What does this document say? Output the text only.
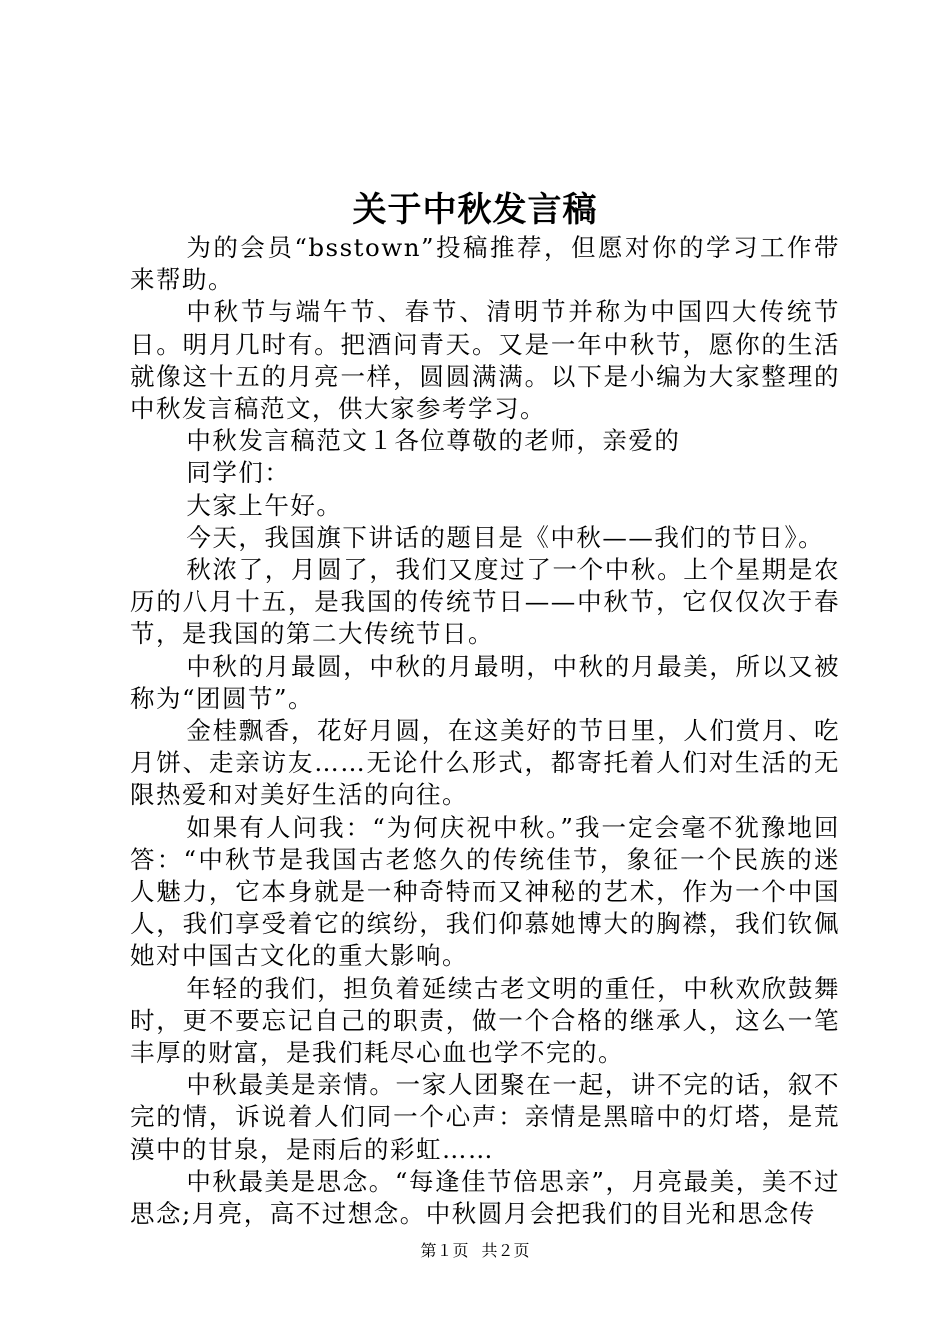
关于中秋发言稿

为的会员“bsstown”投稿推荐，但愿对你的学习工作带来帮助。

中秋节与端午节、春节、清明节并称为中国四大传统节日。明月几时有。把酒问青天。又是一年中秋节，愿你的生活就像这十五的月亮一样，圆圆满满。以下是小编为大家整理的中秋发言稿范文，供大家参考学习。

中秋发言稿范文１各位尊敬的老师，亲爱的

同学们：

大家上午好。

今天，我国旗下讲话的题目是《中秋——我们的节日》。

秋浓了，月圆了，我们又度过了一个中秋。上个星期是农历的八月十五，是我国的传统节日——中秋节，它仅仅次于春节，是我国的第二大传统节日。

中秋的月最圆，中秋的月最明，中秋的月最美，所以又被称为“团圆节”。

金桂飘香，花好月圆，在这美好的节日里，人们赏月、吃月饼、走亲访友……无论什么形式，都寄托着人们对生活的无限热爱和对美好生活的向往。

如果有人问我：“为何庆祝中秋。”我一定会毫不犹豫地回答：“中秋节是我国古老悠久的传统佳节，象征一个民族的迷人魅力，它本身就是一种奇特而又神秘的艺术，作为一个中国人，我们享受着它的缤纷，我们仰慕她博大的胸襟，我们钦佩她对中国古文化的重大影响。

年轻的我们，担负着延续古老文明的重任，中秋欢欣鼓舞时，更不要忘记自己的职责，做一个合格的继承人，这么一笔丰厚的财富，是我们耗尽心血也学不完的。

中秋最美是亲情。一家人团聚在一起，讲不完的话，叙不完的情，诉说着人们同一个心声：亲情是黑暗中的灯塔，是荒漠中的甘泉，是雨后的彩虹……

中秋最美是思念。“每逢佳节倍思亲”，月亮最美，美不过思念;月亮，高不过想念。中秋圆月会把我们的目光和思念传

第１页 共２页
